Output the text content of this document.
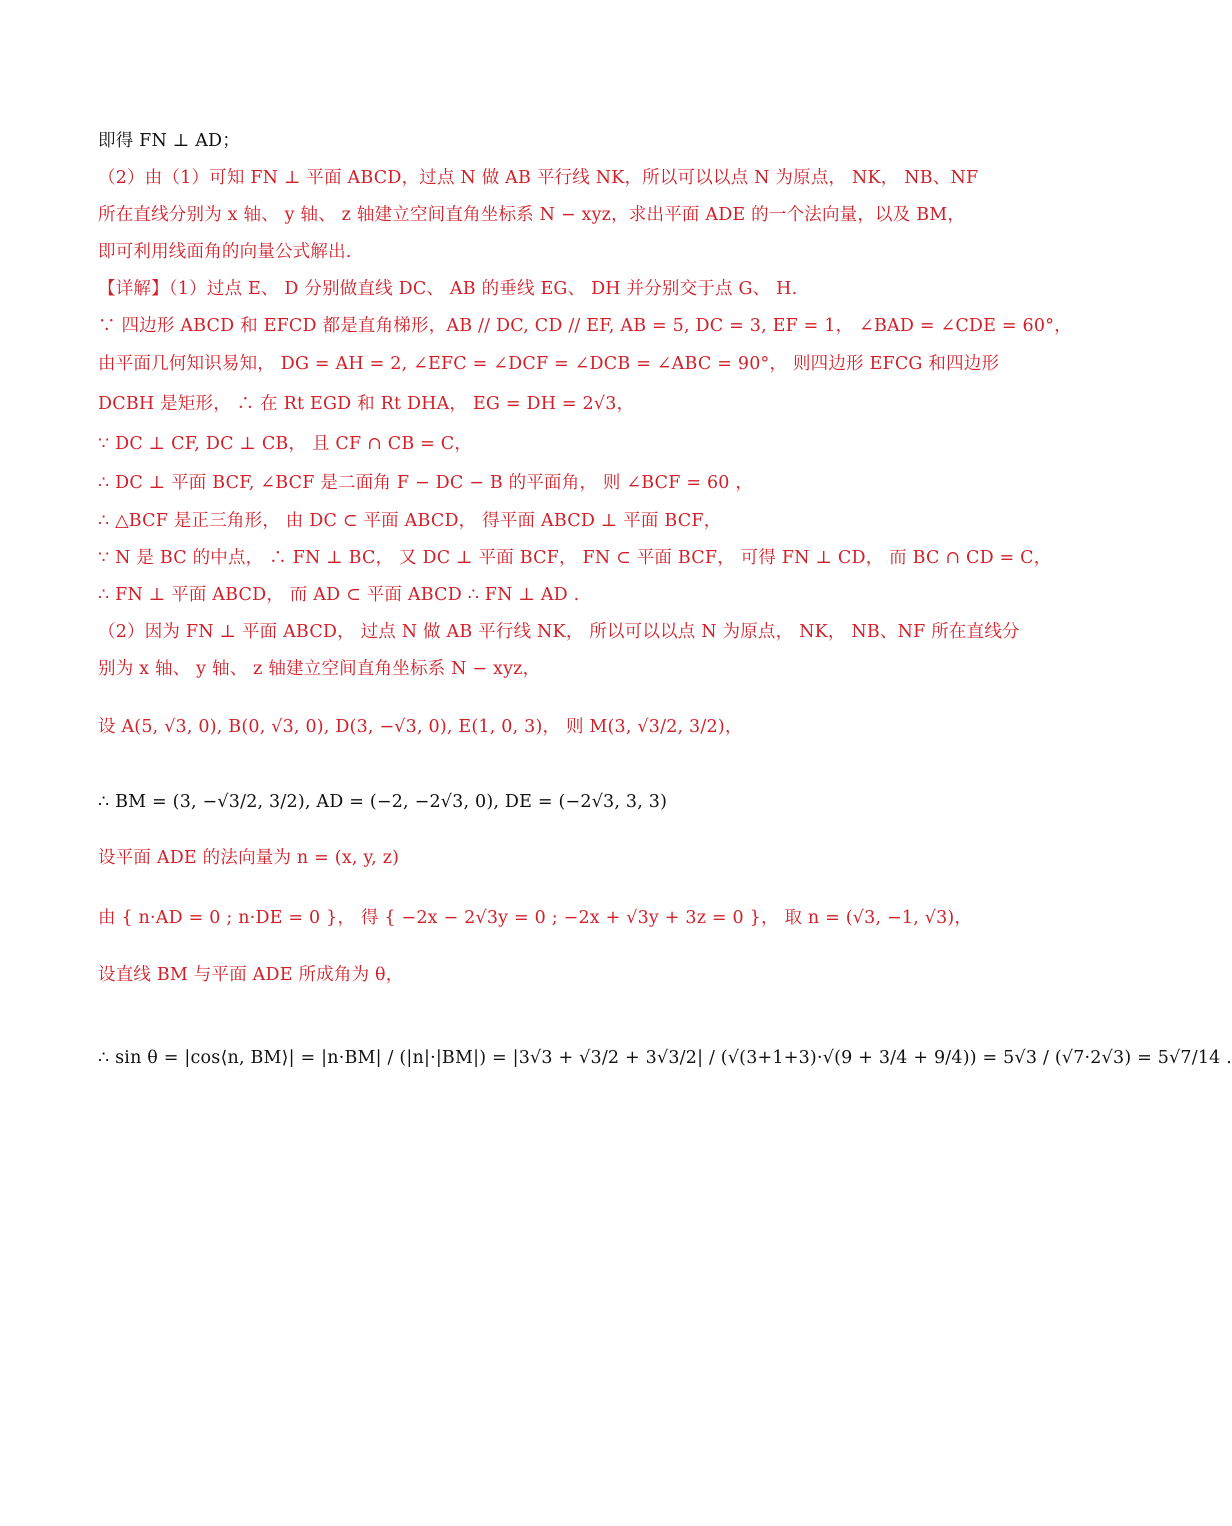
即得 FN ⊥ AD；
（2）由（1）可知 FN ⊥ 平面 ABCD，过点 N 做 AB 平行线 NK，所以可以以点 N 为原点， NK， NB、NF
所在直线分别为 x 轴、 y 轴、 z 轴建立空间直角坐标系 N − xyz，求出平面 ADE 的一个法向量，以及 BM，
即可利用线面角的向量公式解出.
【详解】（1）过点 E、 D 分别做直线 DC、 AB 的垂线 EG、 DH 并分别交于点 G、 H.
∵ 四边形 ABCD 和 EFCD 都是直角梯形，AB // DC, CD // EF, AB = 5, DC = 3, EF = 1， ∠BAD = ∠CDE = 60°，
由平面几何知识易知， DG = AH = 2, ∠EFC = ∠DCF = ∠DCB = ∠ABC = 90°， 则四边形 EFCG 和四边形
DCBH 是矩形， ∴ 在 Rt EGD 和 Rt DHA， EG = DH = 2√3，
∵ DC ⊥ CF, DC ⊥ CB， 且 CF ∩ CB = C，
∴ DC ⊥ 平面 BCF, ∠BCF 是二面角 F − DC − B 的平面角， 则 ∠BCF = 60 ，
∴ △BCF 是正三角形， 由 DC ⊂ 平面 ABCD， 得平面 ABCD ⊥ 平面 BCF，
∵ N 是 BC 的中点， ∴ FN ⊥ BC， 又 DC ⊥ 平面 BCF， FN ⊂ 平面 BCF， 可得 FN ⊥ CD， 而 BC ∩ CD = C，
∴ FN ⊥ 平面 ABCD， 而 AD ⊂ 平面 ABCD ∴ FN ⊥ AD .
（2）因为 FN ⊥ 平面 ABCD， 过点 N 做 AB 平行线 NK， 所以可以以点 N 为原点， NK， NB、NF 所在直线分
别为 x 轴、 y 轴、 z 轴建立空间直角坐标系 N − xyz，
设 A(5, √3, 0), B(0, √3, 0), D(3, −√3, 0), E(1, 0, 3)， 则 M(3, √3/2, 3/2)，
∴ BM = (3, −√3/2, 3/2), AD = (−2, −2√3, 0), DE = (−2√3, 3, 3)
设平面 ADE 的法向量为 n = (x, y, z)
由 { n·AD = 0 ; n·DE = 0 }， 得 { −2x − 2√3y = 0 ; −2x + √3y + 3z = 0 }， 取 n = (√3, −1, √3)，
设直线 BM 与平面 ADE 所成角为 θ，
∴ sin θ = |cos⟨n, BM⟩| = |n·BM| / (|n|·|BM|) = |3√3 + √3/2 + 3√3/2| / (√(3+1+3)·√(9 + 3/4 + 9/4)) = 5√3 / (√7·2√3) = 5√7/14 .
